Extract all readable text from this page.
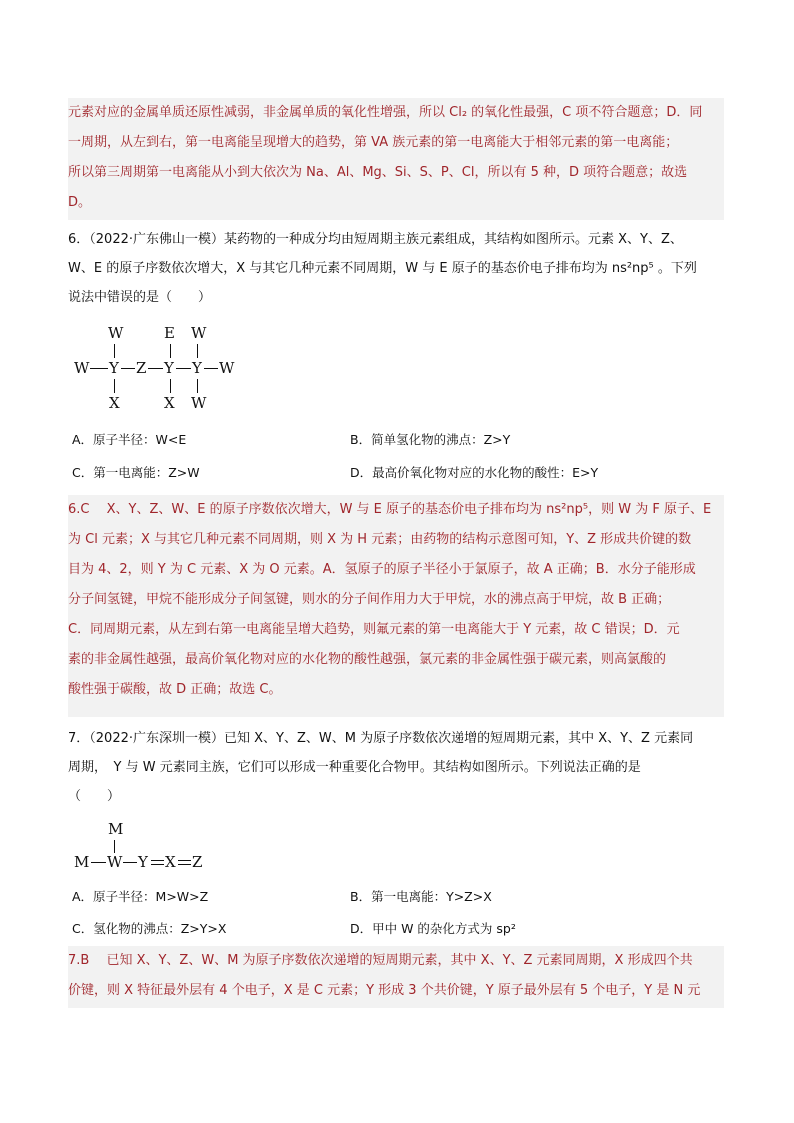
元素对应的金属单质还原性减弱，非金属单质的氧化性增强，所以 Cl₂ 的氧化性最强，C 项不符合题意；D．同
一周期，从左到右，第一电离能呈现增大的趋势，第 VA 族元素的第一电离能大于相邻元素的第一电离能；
所以第三周期第一电离能从小到大依次为 Na、Al、Mg、Si、S、P、Cl，所以有 5 种，D 项符合题意；故选
D。
6．（2022·广东佛山一模）某药物的一种成分均由短周期主族元素组成，其结构如图所示。元素 X、Y、Z、
W、E 的原子序数依次增大，X 与其它几种元素不同周期，W 与 E 原子的基态价电子排布均为 ns²np⁵ 。下列
说法中错误的是（　　）
W	E W
W Y Z Y Y W
X	X W
A．原子半径：W<E	B．简单氢化物的沸点：Z>Y
C．第一电离能：Z>W	D．最高价氧化物对应的水化物的酸性：E>Y
6.C　 X、Y、Z、W、E 的原子序数依次增大，W 与 E 原子的基态价电子排布均为 ns²np⁵，则 W 为 F 原子、E
为 Cl 元素；X 与其它几种元素不同周期，则 X 为 H 元素；由药物的结构示意图可知，Y、Z 形成共价键的数
目为 4、2，则 Y 为 C 元素、X 为 O 元素。A．氢原子的原子半径小于氯原子，故 A 正确；B．水分子能形成
分子间氢键，甲烷不能形成分子间氢键，则水的分子间作用力大于甲烷，水的沸点高于甲烷，故 B 正确；
C．同周期元素，从左到右第一电离能呈增大趋势，则氟元素的第一电离能大于 Y 元素，故 C 错误；D．元
素的非金属性越强，最高价氧化物对应的水化物的酸性越强，氯元素的非金属性强于碳元素，则高氯酸的
酸性强于碳酸，故 D 正确；故选 C。
7．（2022·广东深圳一模）已知 X、Y、Z、W、M 为原子序数依次递增的短周期元素，其中 X、Y、Z 元素同
周期，　Y 与 W 元素同主族，它们可以形成一种重要化合物甲。其结构如图所示。下列说法正确的是
（　　）
M
M W Y X Z
A．原子半径：M>W>Z	B．第一电离能：Y>Z>X
C．氢化物的沸点：Z>Y>X	D．甲中 W 的杂化方式为 sp²
7.B　 已知 X、Y、Z、W、M 为原子序数依次递增的短周期元素，其中 X、Y、Z 元素同周期，X 形成四个共
价键，则 X 特征最外层有 4 个电子，X 是 C 元素；Y 形成 3 个共价键，Y 原子最外层有 5 个电子，Y 是 N 元
